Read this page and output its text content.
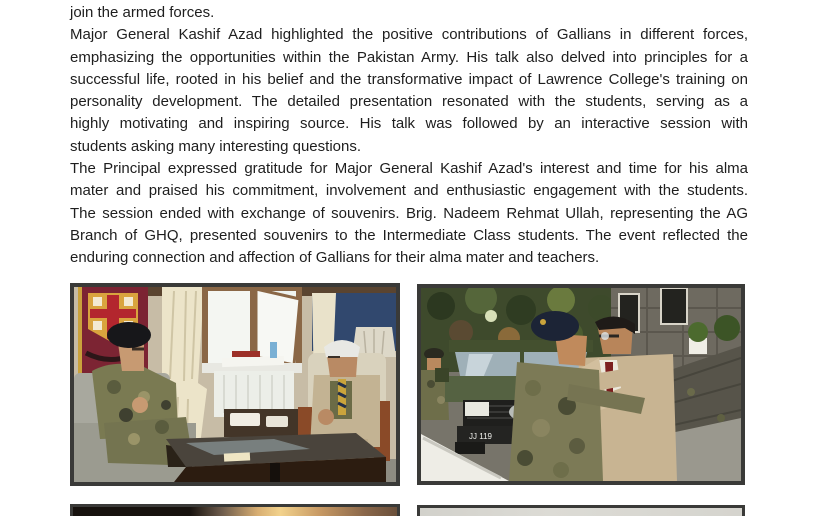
join the armed forces.
Major General Kashif Azad highlighted the positive contributions of Gallians in different forces,
emphasizing the opportunities within the Pakistan Army. His talk also delved into principles for a
successful life, rooted in his belief and the transformative impact of Lawrence College's training on
personality development. The detailed presentation resonated with the students, serving as a
highly motivating and inspiring source. His talk was followed by an interactive session with
students asking many interesting questions.
The Principal expressed gratitude for Major General Kashif Azad's interest and time for his alma
mater and praised his commitment, involvement and enthusiastic engagement with the students.
The session ended with exchange of souvenirs. Brig. Nadeem Rehmat Ullah, representing the AG
Branch of GHQ, presented souvenirs to the Intermediate Class students. The event reflected the
enduring connection and affection of Gallians for their alma mater and teachers.
JJ 119
